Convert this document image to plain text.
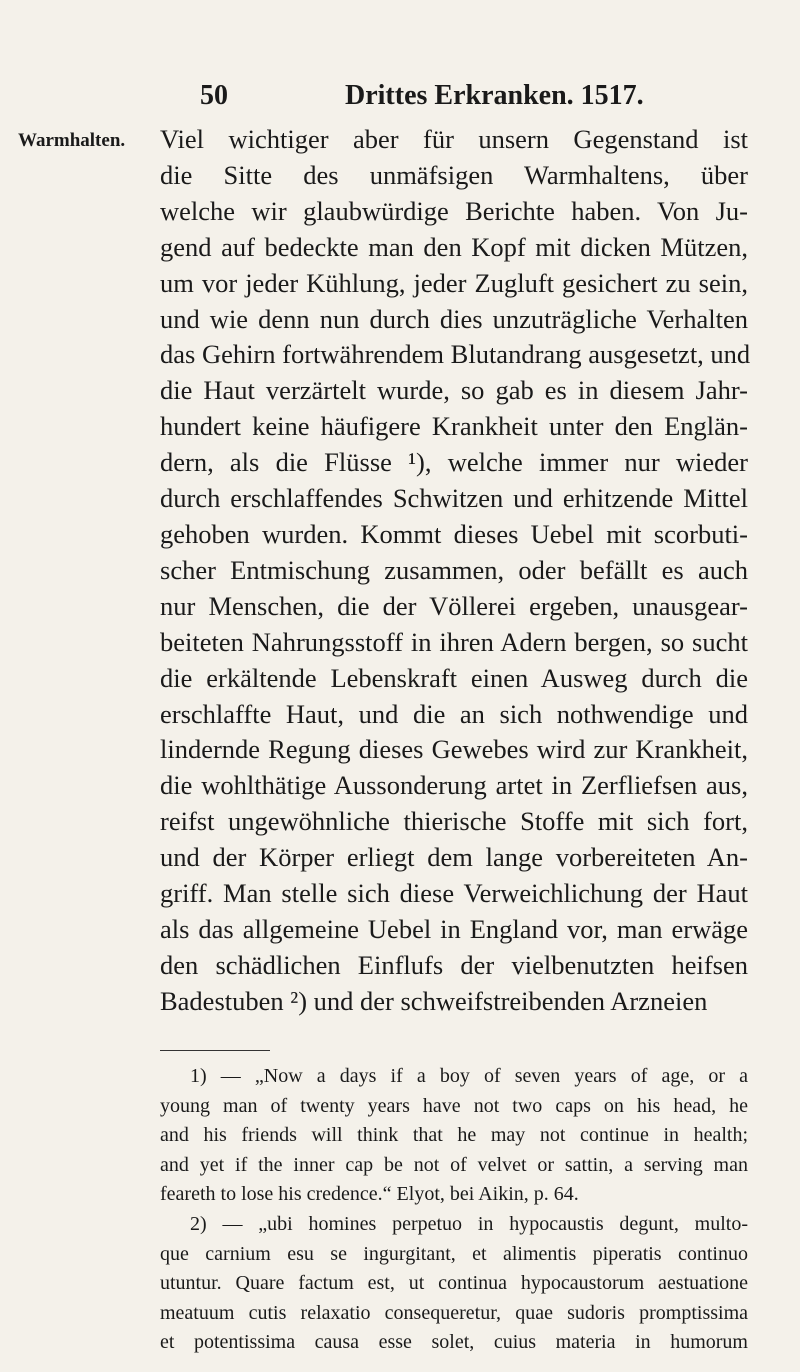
50	Drittes Erkranken. 1517.
Warmhalten. Viel wichtiger aber für unsern Gegenstand ist
die Sitte des unmäfsigen Warmhaltens, über
welche wir glaubwürdige Berichte haben. Von Ju-
gend auf bedeckte man den Kopf mit dicken Mützen,
um vor jeder Kühlung, jeder Zugluft gesichert zu sein,
und wie denn nun durch dies unzuträgliche Verhalten
das Gehirn fortwährendem Blutandrang ausgesetzt, und
die Haut verzärtelt wurde, so gab es in diesem Jahr-
hundert keine häufigere Krankheit unter den Englän-
dern, als die Flüsse ¹), welche immer nur wieder
durch erschlaffendes Schwitzen und erhitzende Mittel
gehoben wurden. Kommt dieses Uebel mit scorbuti-
scher Entmischung zusammen, oder befällt es auch
nur Menschen, die der Völlerei ergeben, unausgear-
beiteten Nahrungsstoff in ihren Adern bergen, so sucht
die erkältende Lebenskraft einen Ausweg durch die
erschlaffte Haut, und die an sich nothwendige und
lindernde Regung dieses Gewebes wird zur Krankheit,
die wohlthätige Aussonderung artet in Zerfliefsen aus,
reifst ungewöhnliche thierische Stoffe mit sich fort,
und der Körper erliegt dem lange vorbereiteten An-
griff. Man stelle sich diese Verweichlichung der Haut
als das allgemeine Uebel in England vor, man erwäge
den schädlichen Einflufs der vielbenutzten heifsen
Badestuben ²) und der schweifstreibenden Arzneien
1) — „Now a days if a boy of seven years of age, or a
young man of twenty years have not two caps on his head, he
and his friends will think that he may not continue in health;
and yet if the inner cap be not of velvet or sattin, a serving man
feareth to lose his credence.“ Elyot, bei Aikin, p. 64.
2) — „ubi homines perpetuo in hypocaustis degunt, multo-
que carnium esu se ingurgitant, et alimentis piperatis continuo
utuntur. Quare factum est, ut continua hypocaustorum aestuatione
meatuum cutis relaxatio consequeretur, quae sudoris promptissima
et potentissima causa esse solet, cuius materia in humorum
